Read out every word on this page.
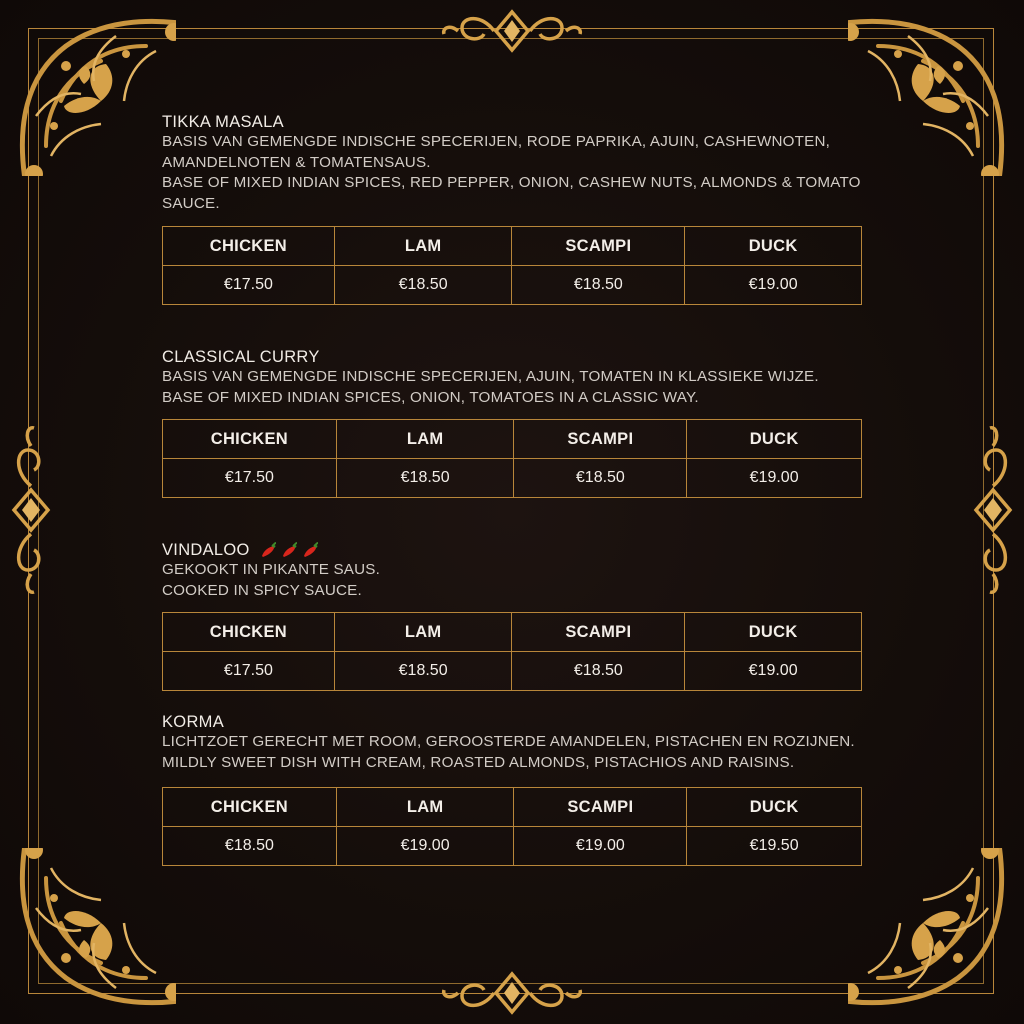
TIKKA MASALA
BASIS VAN GEMENGDE INDISCHE SPECERIJEN, RODE PAPRIKA, AJUIN, CASHEWNOTEN, AMANDELNOTEN & TOMATENSAUS.
BASE OF MIXED INDIAN SPICES, RED PEPPER, ONION, CASHEW NUTS, ALMONDS & TOMATO SAUCE.
CHICKEN	LAM	SCAMPI	DUCK
€17.50	€18.50	€18.50	€19.00
CLASSICAL CURRY
BASIS VAN GEMENGDE INDISCHE SPECERIJEN, AJUIN, TOMATEN IN KLASSIEKE WIJZE.
BASE OF MIXED INDIAN SPICES, ONION, TOMATOES IN A CLASSIC WAY.
CHICKEN	LAM	SCAMPI	DUCK
€17.50	€18.50	€18.50	€19.00
VINDALOO
GEKOOKT IN PIKANTE SAUS.
COOKED IN SPICY SAUCE.
CHICKEN	LAM	SCAMPI	DUCK
€17.50	€18.50	€18.50	€19.00
KORMA
LICHTZOET GERECHT MET ROOM, GEROOSTERDE AMANDELEN, PISTACHEN EN ROZIJNEN.
MILDLY SWEET DISH WITH CREAM, ROASTED ALMONDS, PISTACHIOS AND RAISINS.
CHICKEN	LAM	SCAMPI	DUCK
€18.50	€19.00	€19.00	€19.50
